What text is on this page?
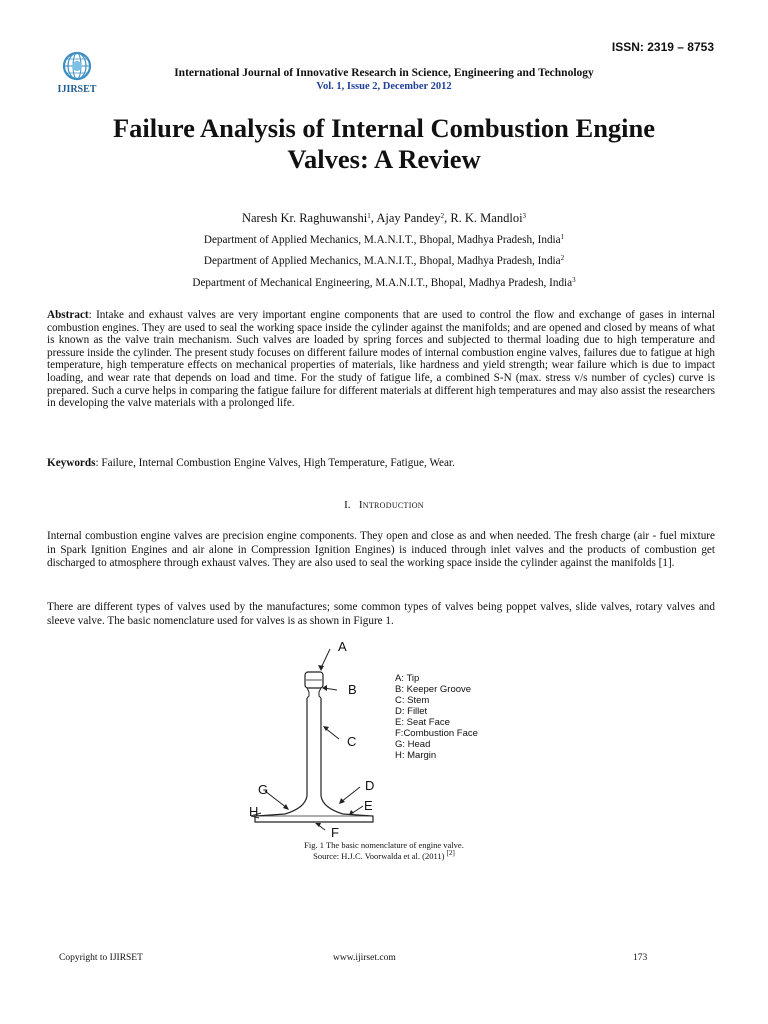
ISSN: 2319 – 8753
IJIRSET
International Journal of Innovative Research in Science, Engineering and Technology
Vol. 1, Issue 2, December 2012
Failure Analysis of Internal Combustion Engine
Valves: A Review
Naresh Kr. Raghuwanshi$^1$, Ajay Pandey$^2$, R. K. Mandloi$^3$
Department of Applied Mechanics, M.A.N.I.T., Bhopal, Madhya Pradesh, India$^1$
Department of Applied Mechanics, M.A.N.I.T., Bhopal, Madhya Pradesh, India$^2$
Department of Mechanical Engineering, M.A.N.I.T., Bhopal, Madhya Pradesh, India$^3$
Abstract: Intake and exhaust valves are very important engine components that are used to control the flow and exchange of gases in internal combustion engines. They are used to seal the working space inside the cylinder against the manifolds; and are opened and closed by means of what is known as the valve train mechanism. Such valves are loaded by spring forces and subjected to thermal loading due to high temperature and pressure inside the cylinder. The present study focuses on different failure modes of internal combustion engine valves, failures due to fatigue at high temperature, high temperature effects on mechanical properties of materials, like hardness and yield strength; wear failure which is due to impact loading, and wear rate that depends on load and time. For the study of fatigue life, a combined S-N (max. stress v/s number of cycles) curve is prepared. Such a curve helps in comparing the fatigue failure for different materials at different high temperatures and may also assist the researchers in developing the valve materials with a prolonged life.
Keywords: Failure, Internal Combustion Engine Valves, High Temperature, Fatigue, Wear.
I. Introduction
Internal combustion engine valves are precision engine components. They open and close as and when needed. The fresh charge (air - fuel mixture in Spark Ignition Engines and air alone in Compression Ignition Engines) is induced through inlet valves and the products of combustion get discharged to atmosphere through exhaust valves. They are also used to seal the working space inside the cylinder against the manifolds [1].
There are different types of valves used by the manufactures; some common types of valves being poppet valves, slide valves, rotary valves and sleeve valve. The basic nomenclature used for valves is as shown in Figure 1.
A
B
C
D
E
F
G
H
A: Tip
B: Keeper Groove
C: Stem
D: Fillet
E: Seat Face
F:Combustion Face
G: Head
H: Margin
Fig. 1 The basic nomenclature of engine valve.
Source: H.J.C. Voorwalda et al. (2011) [2]
Copyright to IJIRSET	www.ijirset.com	173
